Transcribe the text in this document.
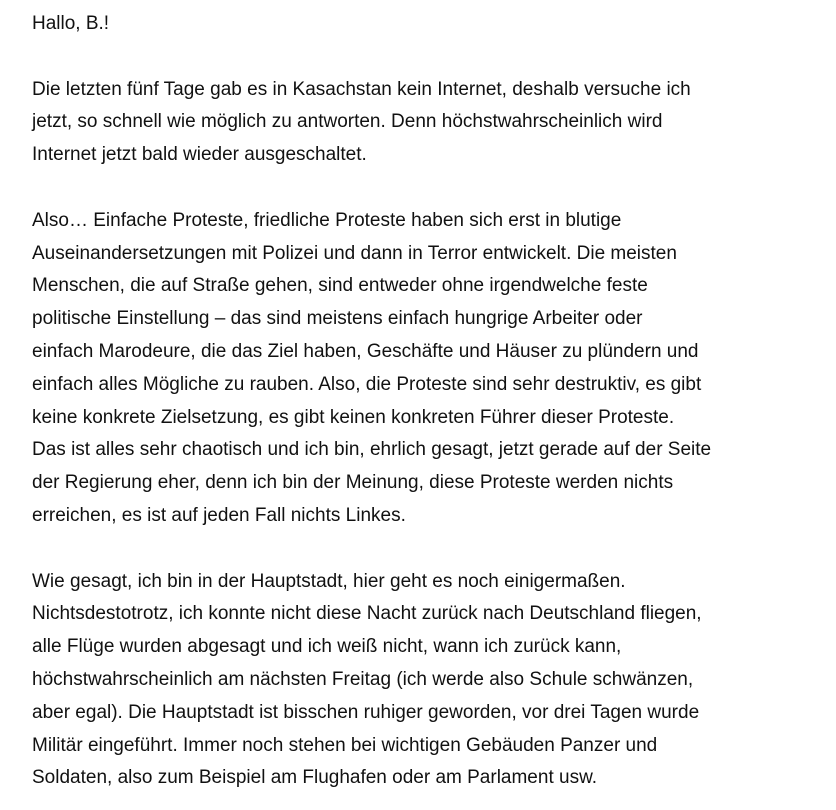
Hallo, B.!
Die letzten fünf Tage gab es in Kasachstan kein Internet, deshalb versuche ich
jetzt, so schnell wie möglich zu antworten. Denn höchstwahrscheinlich wird
Internet jetzt bald wieder ausgeschaltet.
Also… Einfache Proteste, friedliche Proteste haben sich erst in blutige
Auseinandersetzungen mit Polizei und dann in Terror entwickelt. Die meisten
Menschen, die auf Straße gehen, sind entweder ohne irgendwelche feste
politische Einstellung – das sind meistens einfach hungrige Arbeiter oder
einfach Marodeure, die das Ziel haben, Geschäfte und Häuser zu plündern und
einfach alles Mögliche zu rauben. Also, die Proteste sind sehr destruktiv, es gibt
keine konkrete Zielsetzung, es gibt keinen konkreten Führer dieser Proteste.
Das ist alles sehr chaotisch und ich bin, ehrlich gesagt, jetzt gerade auf der Seite
der Regierung eher, denn ich bin der Meinung, diese Proteste werden nichts
erreichen, es ist auf jeden Fall nichts Linkes.
Wie gesagt, ich bin in der Hauptstadt, hier geht es noch einigermaßen.
Nichtsdestotrotz, ich konnte nicht diese Nacht zurück nach Deutschland fliegen,
alle Flüge wurden abgesagt und ich weiß nicht, wann ich zurück kann,
höchstwahrscheinlich am nächsten Freitag (ich werde also Schule schwänzen,
aber egal). Die Hauptstadt ist bisschen ruhiger geworden, vor drei Tagen wurde
Militär eingeführt. Immer noch stehen bei wichtigen Gebäuden Panzer und
Soldaten, also zum Beispiel am Flughafen oder am Parlament usw.
